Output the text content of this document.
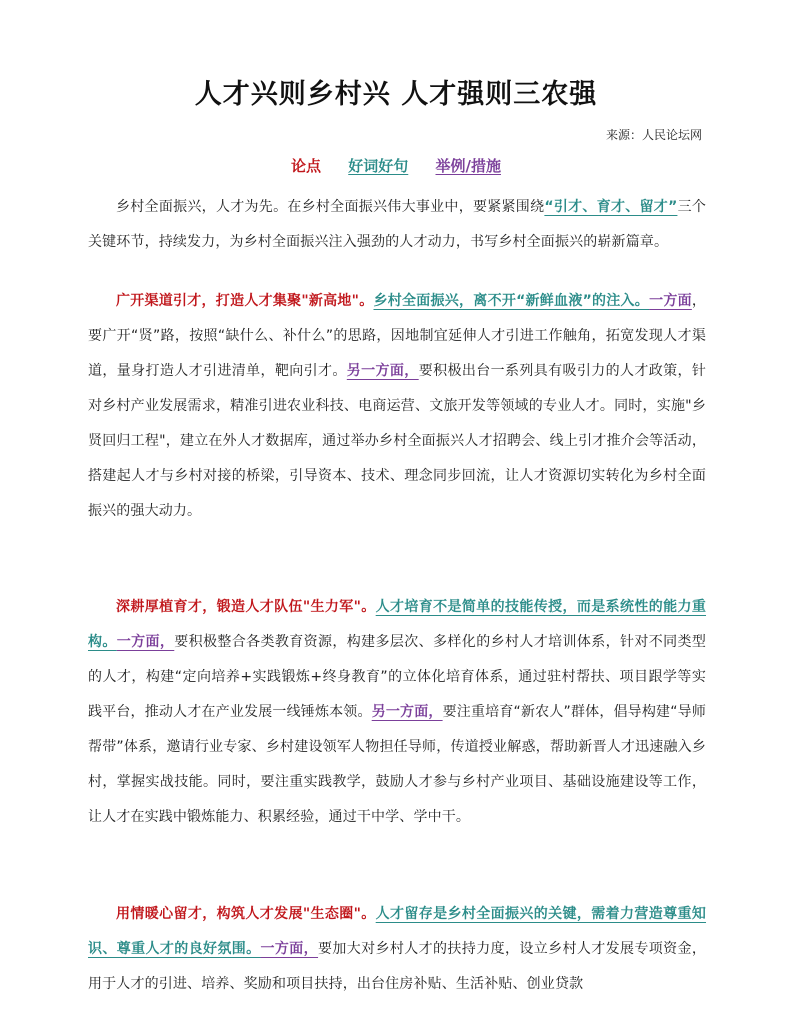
人才兴则乡村兴 人才强则三农强
来源：人民论坛网
论点 好词好句 举例/措施
乡村全面振兴，人才为先。在乡村全面振兴伟大事业中，要紧紧围绕“引才、育才、留才”三个关键环节，持续发力，为乡村全面振兴注入强劲的人才动力，书写乡村全面振兴的崭新篇章。
广开渠道引才，打造人才集聚"新高地"。乡村全面振兴，离不开“新鲜血液”的注入。一方面，要广开“贤”路，按照“缺什么、补什么”的思路，因地制宜延伸人才引进工作触角，拓宽发现人才渠道，量身打造人才引进清单，靶向引才。另一方面，要积极出台一系列具有吸引力的人才政策，针对乡村产业发展需求，精准引进农业科技、电商运营、文旅开发等领域的专业人才。同时，实施"乡贤回归工程"，建立在外人才数据库，通过举办乡村全面振兴人才招聘会、线上引才推介会等活动，搭建起人才与乡村对接的桥梁，引导资本、技术、理念同步回流，让人才资源切实转化为乡村全面振兴的强大动力。
深耕厚植育才，锻造人才队伍"生力军"。人才培育不是简单的技能传授，而是系统性的能力重构。一方面，要积极整合各类教育资源，构建多层次、多样化的乡村人才培训体系，针对不同类型的人才，构建“定向培养+实践锻炼+终身教育”的立体化培育体系，通过驻村帮扶、项目跟学等实践平台，推动人才在产业发展一线锤炼本领。另一方面，要注重培育“新农人”群体，倡导构建“导师帮带”体系，邀请行业专家、乡村建设领军人物担任导师，传道授业解惑，帮助新晋人才迅速融入乡村，掌握实战技能。同时，要注重实践教学，鼓励人才参与乡村产业项目、基础设施建设等工作，让人才在实践中锻炼能力、积累经验，通过干中学、学中干。
用情暖心留才，构筑人才发展"生态圈"。人才留存是乡村全面振兴的关键，需着力营造尊重知识、尊重人才的良好氛围。一方面，要加大对乡村人才的扶持力度，设立乡村人才发展专项资金，用于人才的引进、培养、奖励和项目扶持，出台住房补贴、生活补贴、创业贷款
